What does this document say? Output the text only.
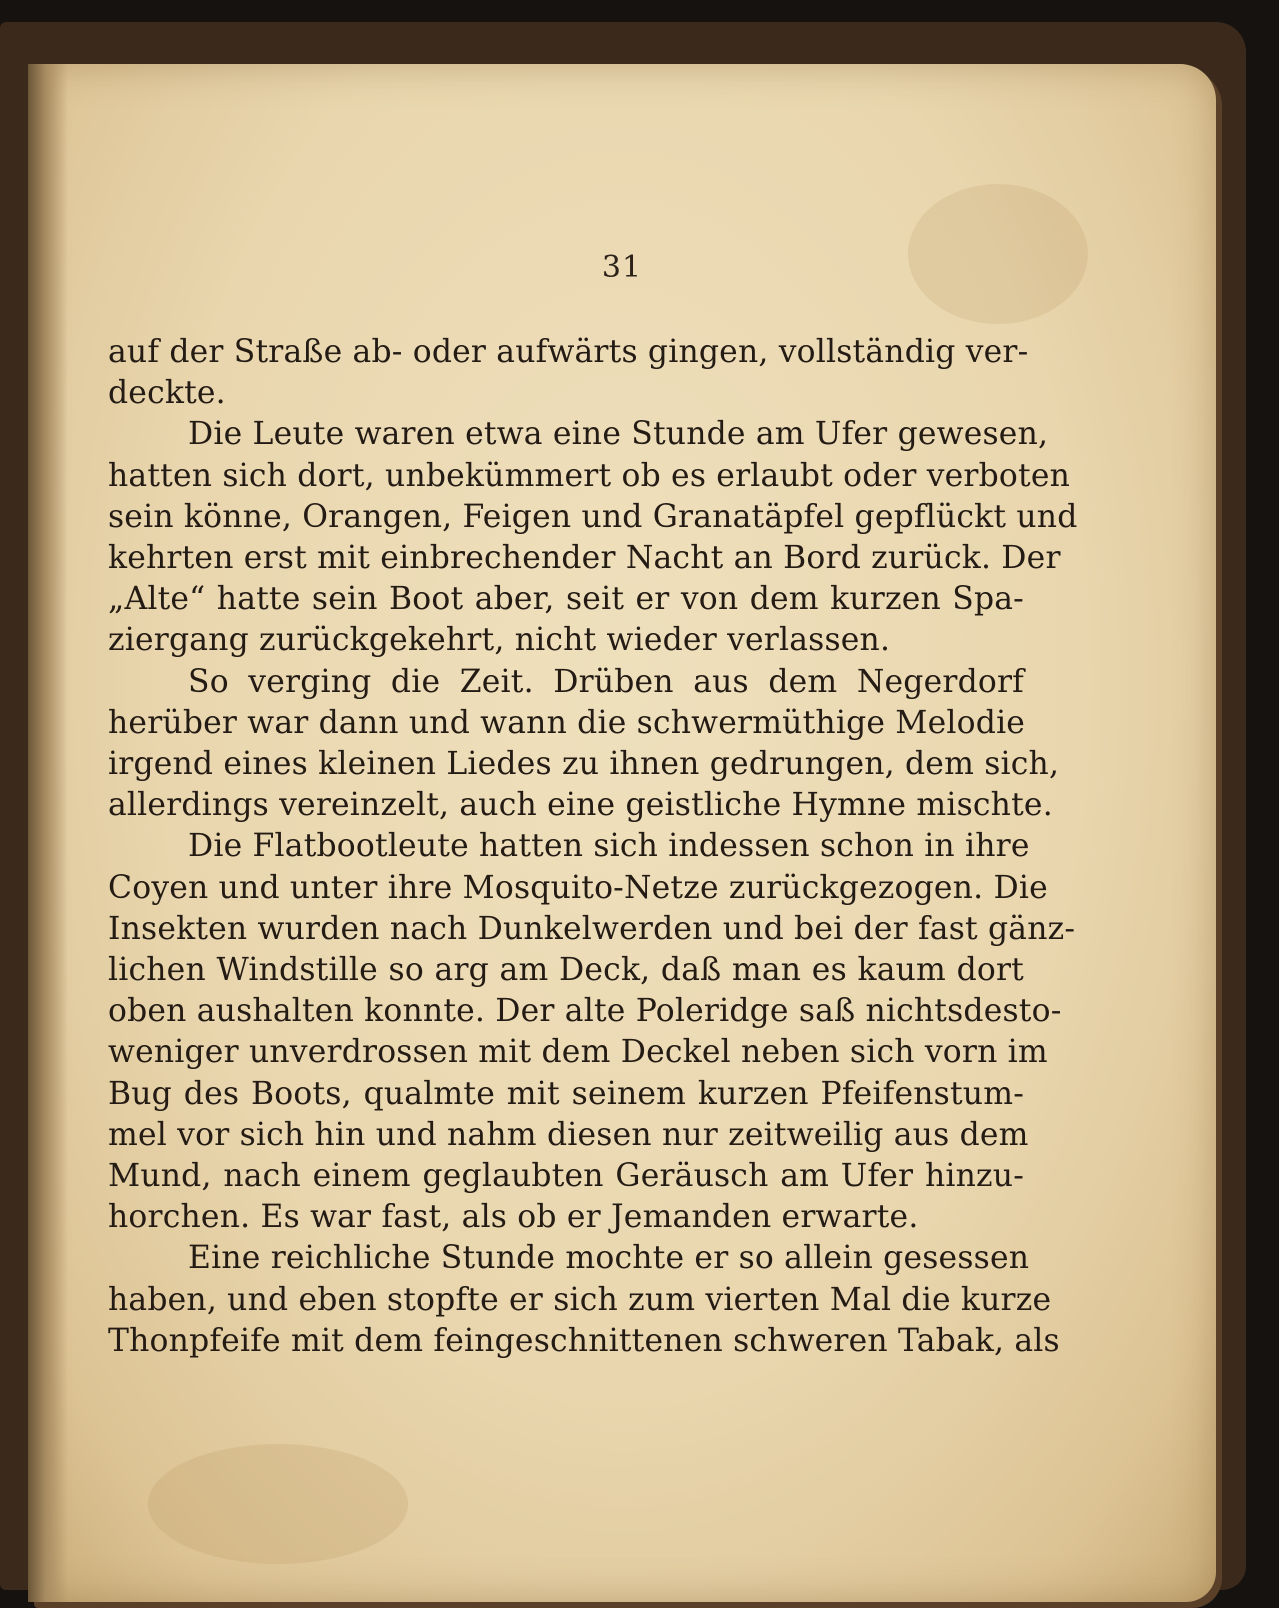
31

auf der Straße ab- oder aufwärts gingen, vollständig ver-
deckte.

Die Leute waren etwa eine Stunde am Ufer gewesen,
hatten sich dort, unbekümmert ob es erlaubt oder verboten
sein könne, Orangen, Feigen und Granatäpfel gepflückt und
kehrten erst mit einbrechender Nacht an Bord zurück. Der
„Alte“ hatte sein Boot aber, seit er von dem kurzen Spa-
ziergang zurückgekehrt, nicht wieder verlassen.

So verging die Zeit. Drüben aus dem Negerdorf
herüber war dann und wann die schwermüthige Melodie
irgend eines kleinen Liedes zu ihnen gedrungen, dem sich,
allerdings vereinzelt, auch eine geistliche Hymne mischte.

Die Flatbootleute hatten sich indessen schon in ihre
Coyen und unter ihre Mosquito-Netze zurückgezogen. Die
Insekten wurden nach Dunkelwerden und bei der fast gänz-
lichen Windstille so arg am Deck, daß man es kaum dort
oben aushalten konnte. Der alte Poleridge saß nichtsdesto-
weniger unverdrossen mit dem Deckel neben sich vorn im
Bug des Boots, qualmte mit seinem kurzen Pfeifenstum-
mel vor sich hin und nahm diesen nur zeitweilig aus dem
Mund, nach einem geglaubten Geräusch am Ufer hinzu-
horchen. Es war fast, als ob er Jemanden erwarte.

Eine reichliche Stunde mochte er so allein gesessen
haben, und eben stopfte er sich zum vierten Mal die kurze
Thonpfeife mit dem feingeschnittenen schweren Tabak, als
